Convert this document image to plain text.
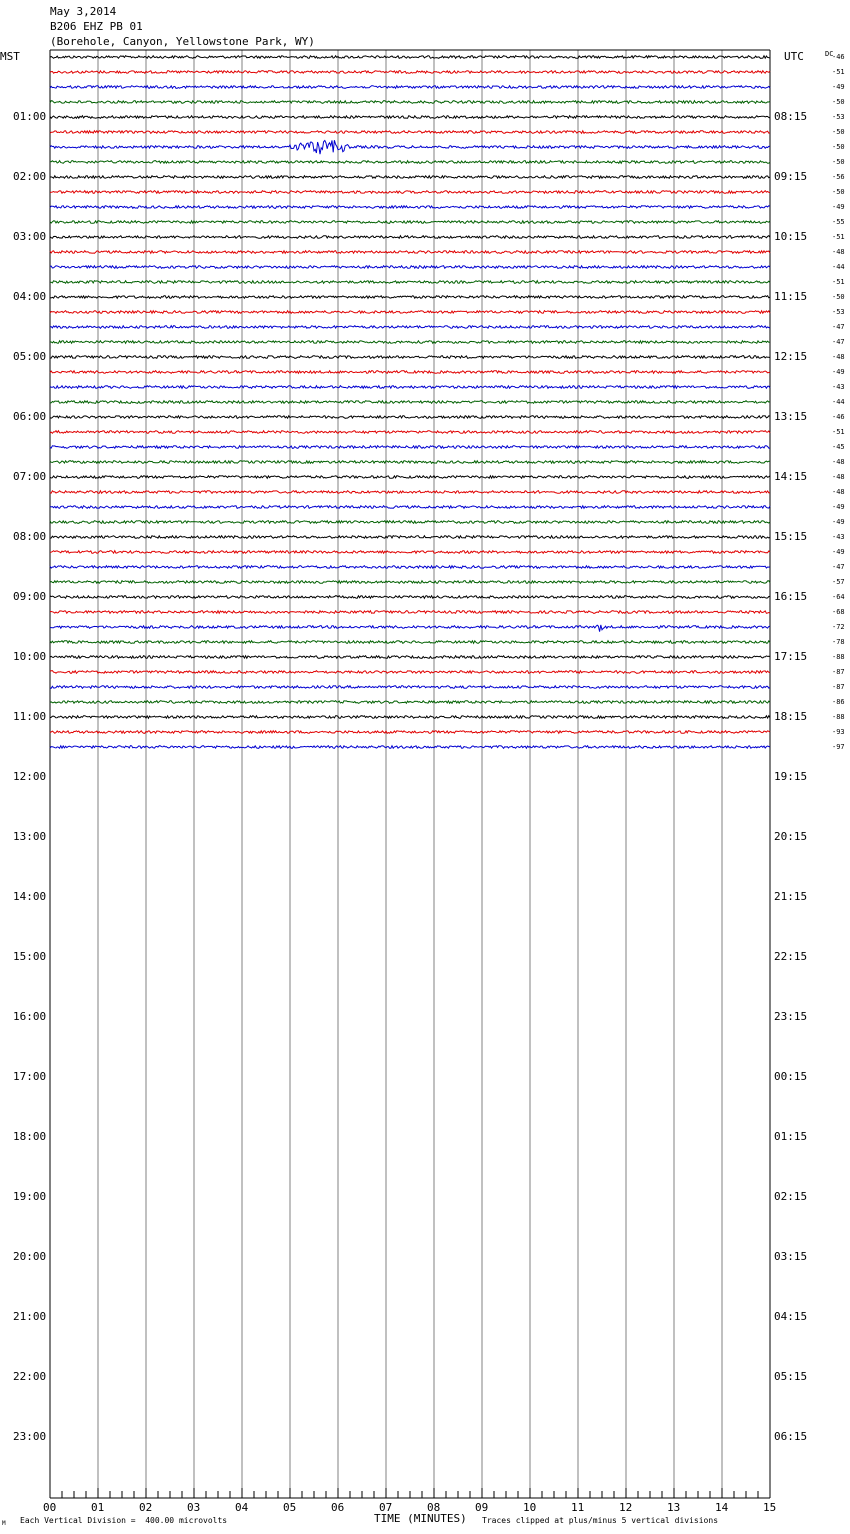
May 3,2014
B206 EHZ PB 01
(Borehole, Canyon, Yellowstone Park, WY)
MST	UTC	DC
01:00	08:15
02:00	09:15
03:00	10:15
04:00	11:15
05:00	12:15
06:00	13:15
07:00	14:15
08:00	15:15
09:00	16:15
10:00	17:15
11:00	18:15
12:00	19:15
13:00	20:15
14:00	21:15
15:00	22:15
16:00	23:15
17:00	00:15
18:00	01:15
19:00	02:15
20:00	03:15
21:00	04:15
22:00	05:15
23:00	06:15
-46
-51
-49
-50
-53
-50
-50
-50
-56
-50
-49
-55
-51
-48
-44
-51
-50
-53
-47
-47
-48
-49
-43
-44
-46
-51
-45
-48
-48
-48
-49
-49
-43
-49
-47
-57
-64
-68
-72
-78
-88
-87
-87
-86
-88
-93
-97
00	01	02	03	04	05	06	07	08	09	10	11	12	13	14	15
M Each Vertical Division =  400.00 microvolts	TIME (MINUTES) Traces clipped at plus/minus 5 vertical divisions
